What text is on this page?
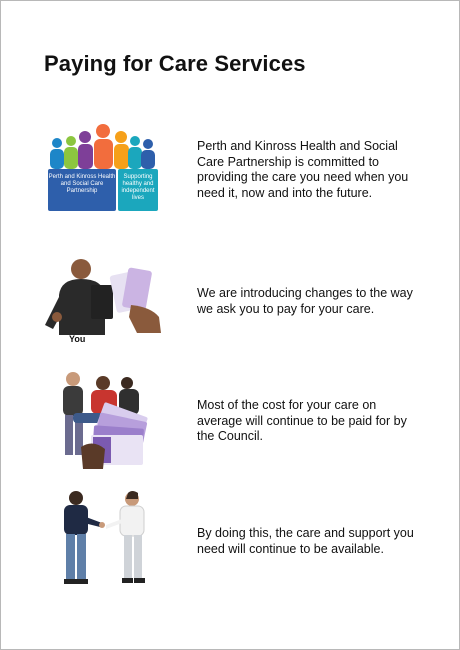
Paying for Care Services
Perth and Kinross Health and Social Care Partnership
Supporting healthy and independent lives
Perth and Kinross Health and Social Care Partnership is committed to providing the care you need when you need it, now and into the future.
You
We are introducing changes to the way we ask you to pay for your care.
Most of the cost for your care on average will continue to be paid for by the Council.
By doing this, the care and support you need will continue to be available.
